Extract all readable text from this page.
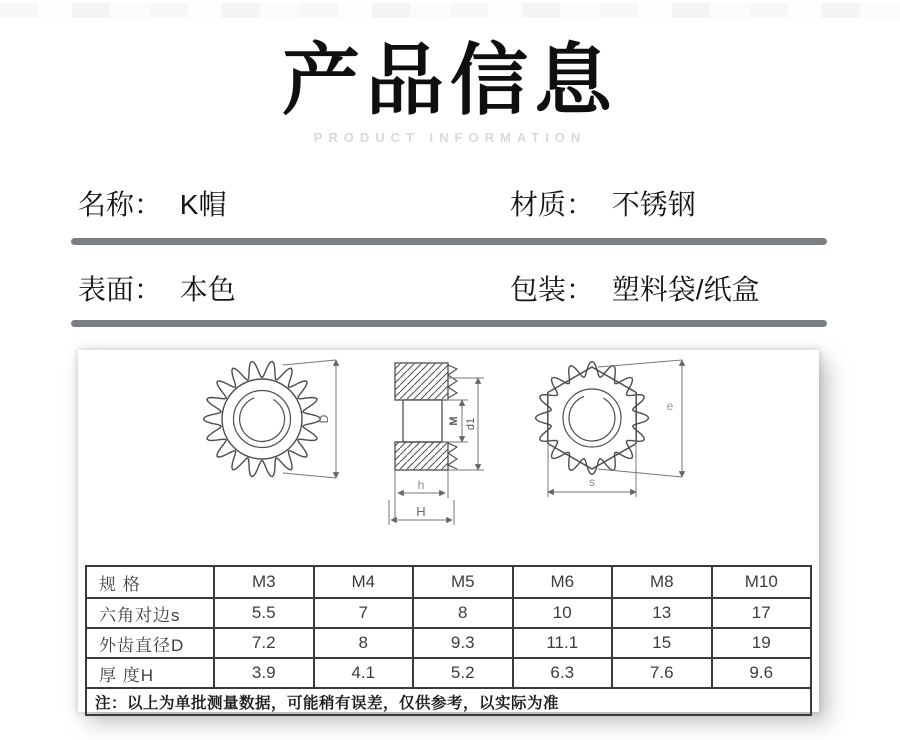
产品信息
PRODUCT INFORMATION
名称： K帽	材质： 不锈钢
表面： 本色	包装： 塑料袋/纸盒
D
h
H
M d1
e
s
规 格	M3	M4	M5	M6	M8	M10
六角对边s	5.5	7	8	10	13	17
外齿直径D	7.2	8	9.3	11.1	15	19
厚 度H	3.9	4.1	5.2	6.3	7.6	9.6
注：以上为单批测量数据，可能稍有误差，仅供参考，以实际为准						
